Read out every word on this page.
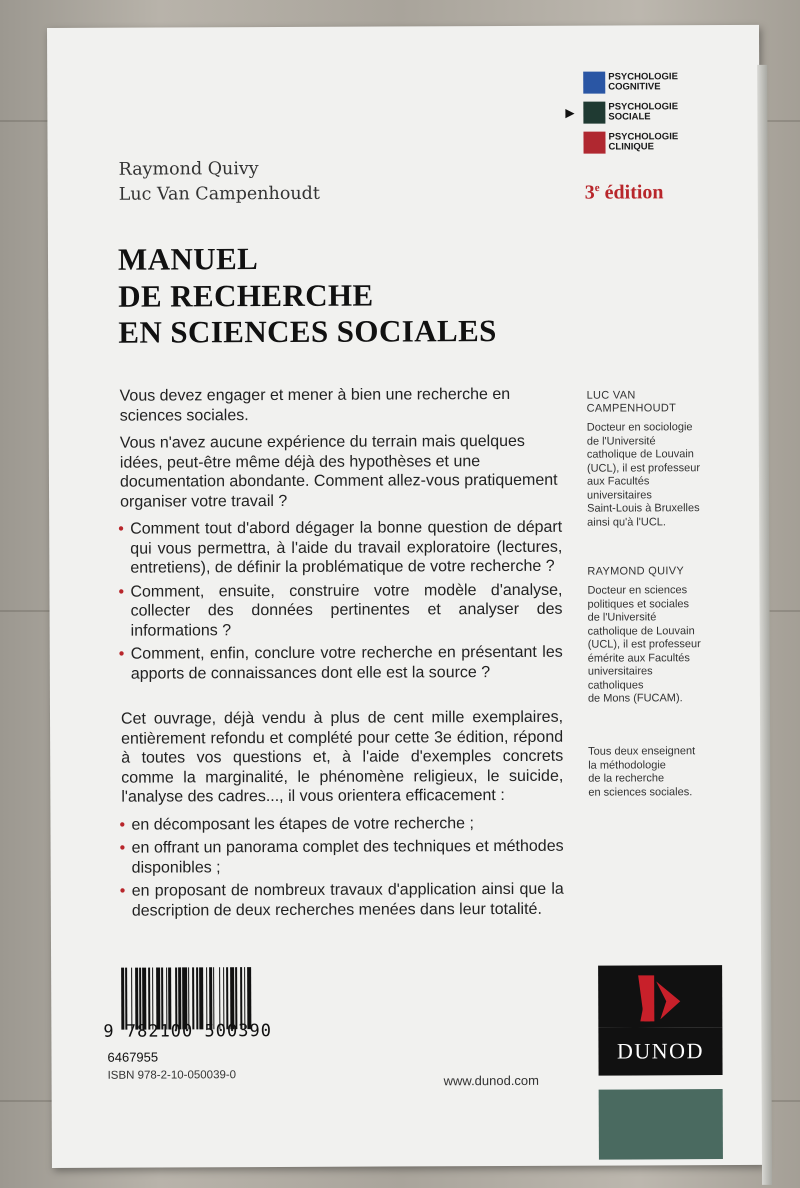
PSYCHOLOGIE
COGNITIVE
▶	PSYCHOLOGIE
SOCIALE
PSYCHOLOGIE
CLINIQUE
3e édition
Raymond Quivy
Luc Van Campenhoudt
MANUEL
DE RECHERCHE
EN SCIENCES SOCIALES

Vous devez engager et mener à bien une recherche en sciences sociales.

Vous n'avez aucune expérience du terrain mais quelques idées, peut-être même déjà des hypothèses et une documentation abondante. Comment allez-vous pratiquement organiser votre travail ?

• Comment tout d'abord dégager la bonne question de départ qui vous permettra, à l'aide du travail exploratoire (lectures, entretiens), de définir la problématique de votre recherche ?
• Comment, ensuite, construire votre modèle d'analyse, collecter des données pertinentes et analyser des informations ?
• Comment, enfin, conclure votre recherche en présentant les apports de connaissances dont elle est la source ?

Cet ouvrage, déjà vendu à plus de cent mille exemplaires, entièrement refondu et complété pour cette 3e édition, répond à toutes vos questions et, à l'aide d'exemples concrets comme la marginalité, le phénomène religieux, le suicide, l'analyse des cadres..., il vous orientera efficacement :

• en décomposant les étapes de votre recherche ;
• en offrant un panorama complet des techniques et méthodes disponibles ;
• en proposant de nombreux travaux d'application ainsi que la description de deux recherches menées dans leur totalité.
LUC VAN
CAMPENHOUDT
Docteur en sociologie
de l'Université
catholique de Louvain
(UCL), il est professeur
aux Facultés
universitaires
Saint-Louis à Bruxelles
ainsi qu'à l'UCL.
RAYMOND QUIVY
Docteur en sciences
politiques et sociales
de l'Université
catholique de Louvain
(UCL), il est professeur
émérite aux Facultés
universitaires
catholiques
de Mons (FUCAM).
Tous deux enseignent
la méthodologie
de la recherche
en sciences sociales.
9 782100 500390
6467955
ISBN 978-2-10-050039-0	www.dunod.com
DUNOD
